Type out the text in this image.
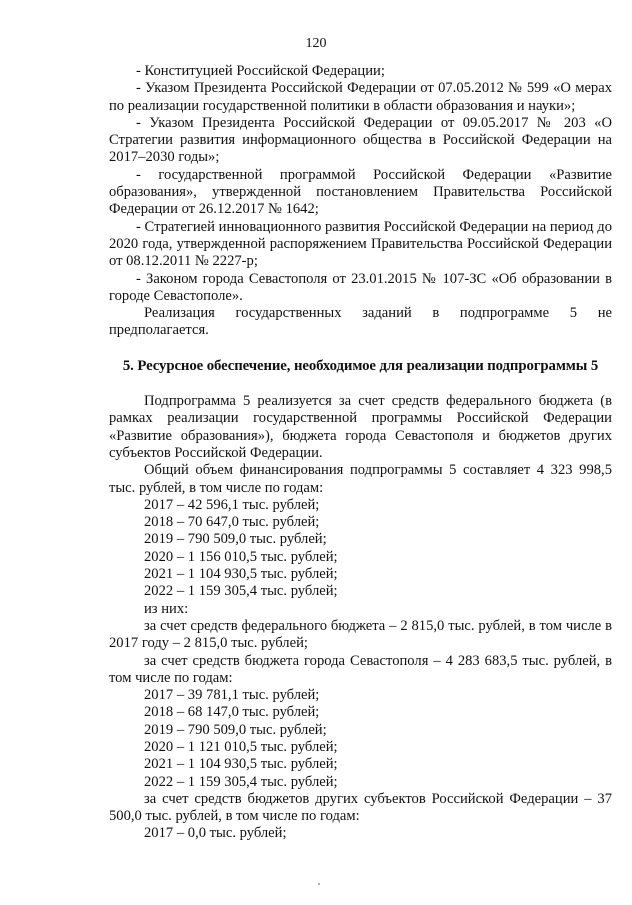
120

- Конституцией Российской Федерации;

- Указом Президента Российской Федерации от 07.05.2012 № 599 «О мерах по реализации государственной политики в области образования и науки»;

- Указом Президента Российской Федерации от 09.05.2017 № 203 «О Стратегии развития информационного общества в Российской Федерации на 2017–2030 годы»;

- государственной программой Российской Федерации «Развитие образования», утвержденной постановлением Правительства Российской Федерации от 26.12.2017 № 1642;

- Стратегией инновационного развития Российской Федерации на период до 2020 года, утвержденной распоряжением Правительства Российской Федерации от 08.12.2011 № 2227-р;

- Законом города Севастополя от 23.01.2015 № 107-ЗС «Об образовании в городе Севастополе».

Реализация государственных заданий в подпрограмме 5 не предполагается.

5. Ресурсное обеспечение, необходимое для реализации подпрограммы 5

Подпрограмма 5 реализуется за счет средств федерального бюджета (в рамках реализации государственной программы Российской Федерации «Развитие образования»), бюджета города Севастополя и бюджетов других субъектов Российской Федерации.

Общий объем финансирования подпрограммы 5 составляет 4 323 998,5 тыс. рублей, в том числе по годам:

2017 – 42 596,1 тыс. рублей;

2018 – 70 647,0 тыс. рублей;

2019 – 790 509,0 тыс. рублей;

2020 – 1 156 010,5 тыс. рублей;

2021 – 1 104 930,5 тыс. рублей;

2022 – 1 159 305,4 тыс. рублей;

из них:

за счет средств федерального бюджета – 2 815,0 тыс. рублей, в том числе в 2017 году – 2 815,0 тыс. рублей;

за счет средств бюджета города Севастополя – 4 283 683,5 тыс. рублей, в том числе по годам:

2017 – 39 781,1 тыс. рублей;

2018 – 68 147,0 тыс. рублей;

2019 – 790 509,0 тыс. рублей;

2020 – 1 121 010,5 тыс. рублей;

2021 – 1 104 930,5 тыс. рублей;

2022 – 1 159 305,4 тыс. рублей;

за счет средств бюджетов других субъектов Российской Федерации – 37 500,0 тыс. рублей, в том числе по годам:

2017 – 0,0 тыс. рублей;
